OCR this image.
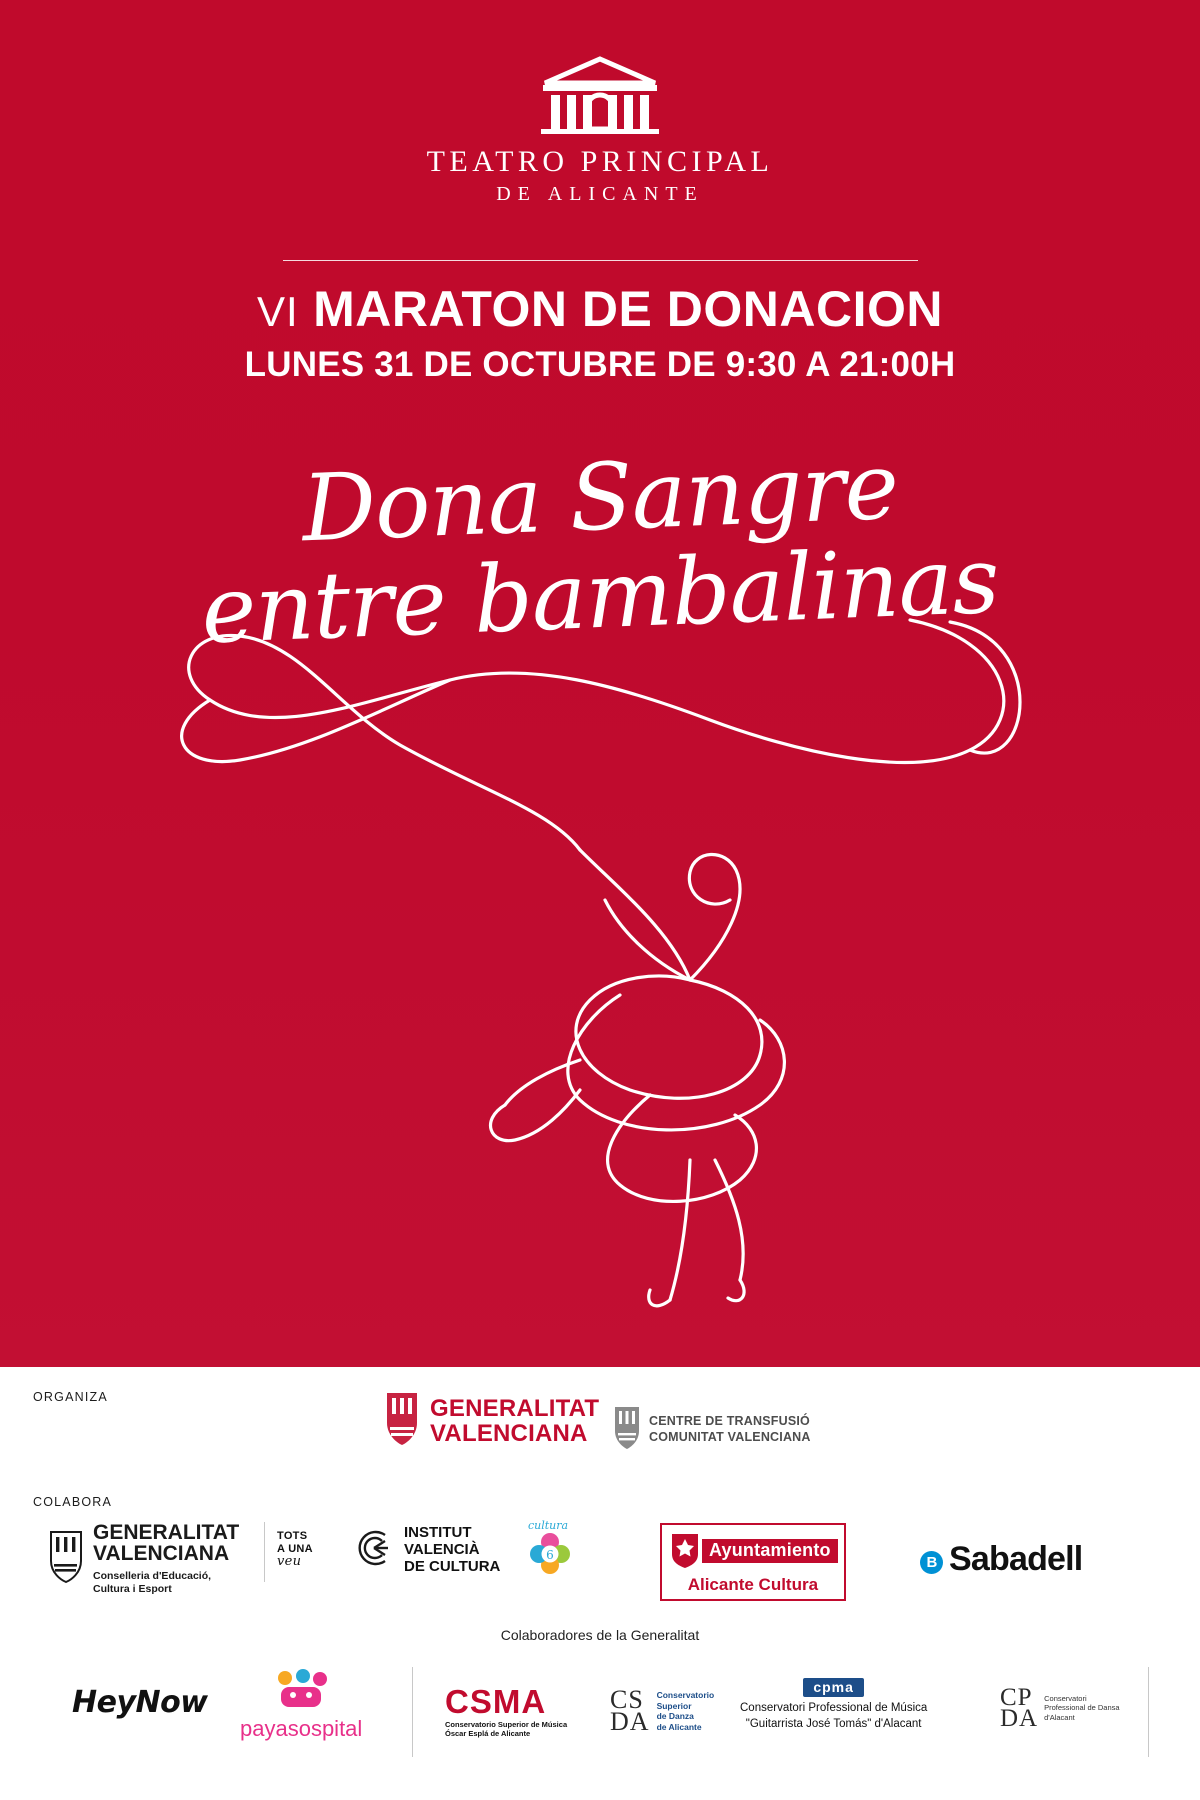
TEATRO PRINCIPAL
DE ALICANTE
VI MARATON DE DONACION
LUNES 31 DE OCTUBRE DE 9:30 A 21:00H
Dona Sangre
entre bambalinas
ORGANIZA	GENERALITAT
VALENCIANA	CENTRE DE TRANSFUSIÓ
COMUNITAT VALENCIANA
COLABORA
GENERALITAT
VALENCIANA
Conselleria d'Educació,
Cultura i Esport
TOTS
A UNA
veu
INSTITUT
VALENCIÀ
DE CULTURA
cultura
6	Ayuntamiento
Alicante Cultura
B Sabadell
Colaboradores de la Generalitat
HeyNow
payasospital
CSMA
Conservatorio Superior de Música
Óscar Esplá de Alicante
CS
DA
Conservatorio
Superior
de Danza
de Alicante
cpma
Conservatori Professional de Música
"Guitarrista José Tomás" d'Alacant
CP
DA
Conservatori
Professional de Dansa
d'Alacant
